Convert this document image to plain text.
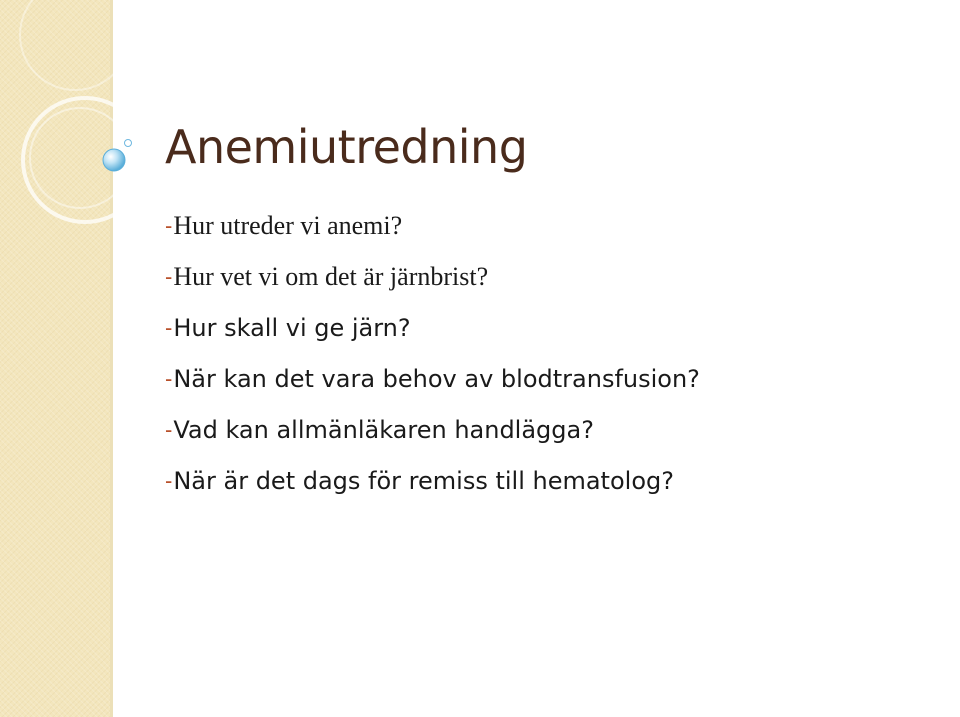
Anemiutredning
- Hur utreder vi anemi?
- Hur vet vi om det är järnbrist?
- Hur skall vi ge järn?
- När kan det vara behov av blodtransfusion?
- Vad kan allmänläkaren handlägga?
- När är det dags för remiss till hematolog?
